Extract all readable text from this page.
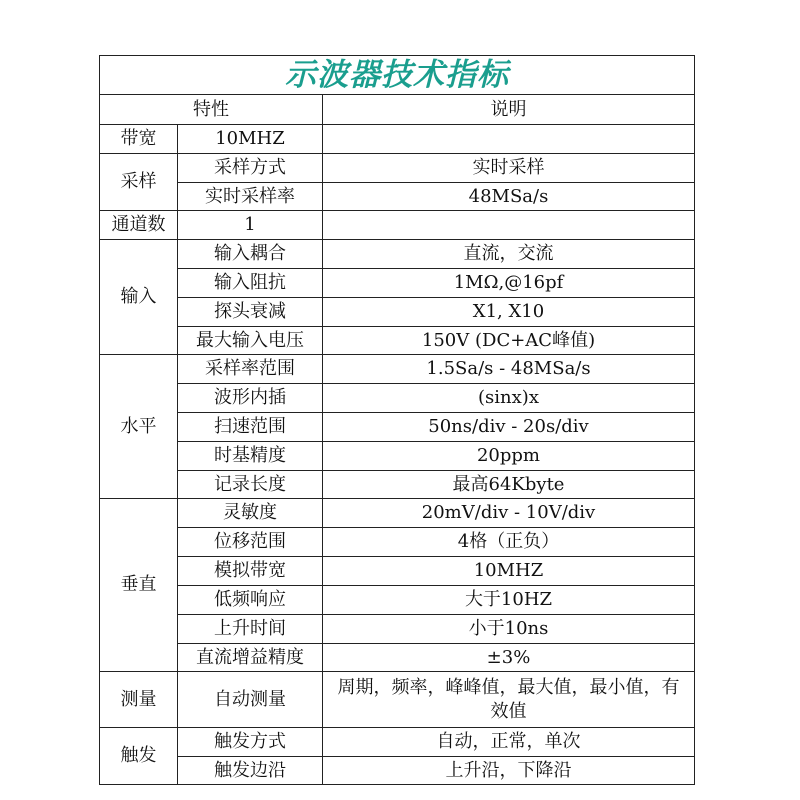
示波器技术指标		
特性		说明
带宽	10MHZ	
采样	采样方式	实时采样
	实时采样率	48MSa/s
通道数	1	
输入	输入耦合	直流，交流
	输入阻抗	1MΩ,@16pf
	探头衰减	X1, X10
	最大输入电压	150V (DC+AC峰值)
水平	采样率范围	1.5Sa/s - 48MSa/s
	波形内插	(sinx)x
	扫速范围	50ns/div - 20s/div
	时基精度	20ppm
	记录长度	最高64Kbyte
垂直	灵敏度	20mV/div - 10V/div
	位移范围	4格（正负）
	模拟带宽	10MHZ
	低频响应	大于10HZ
	上升时间	小于10ns
	直流增益精度	±3%
测量	自动测量	周期，频率，峰峰值，最大值，最小值，有效值
触发	触发方式	自动，正常，单次
	触发边沿	上升沿，下降沿
